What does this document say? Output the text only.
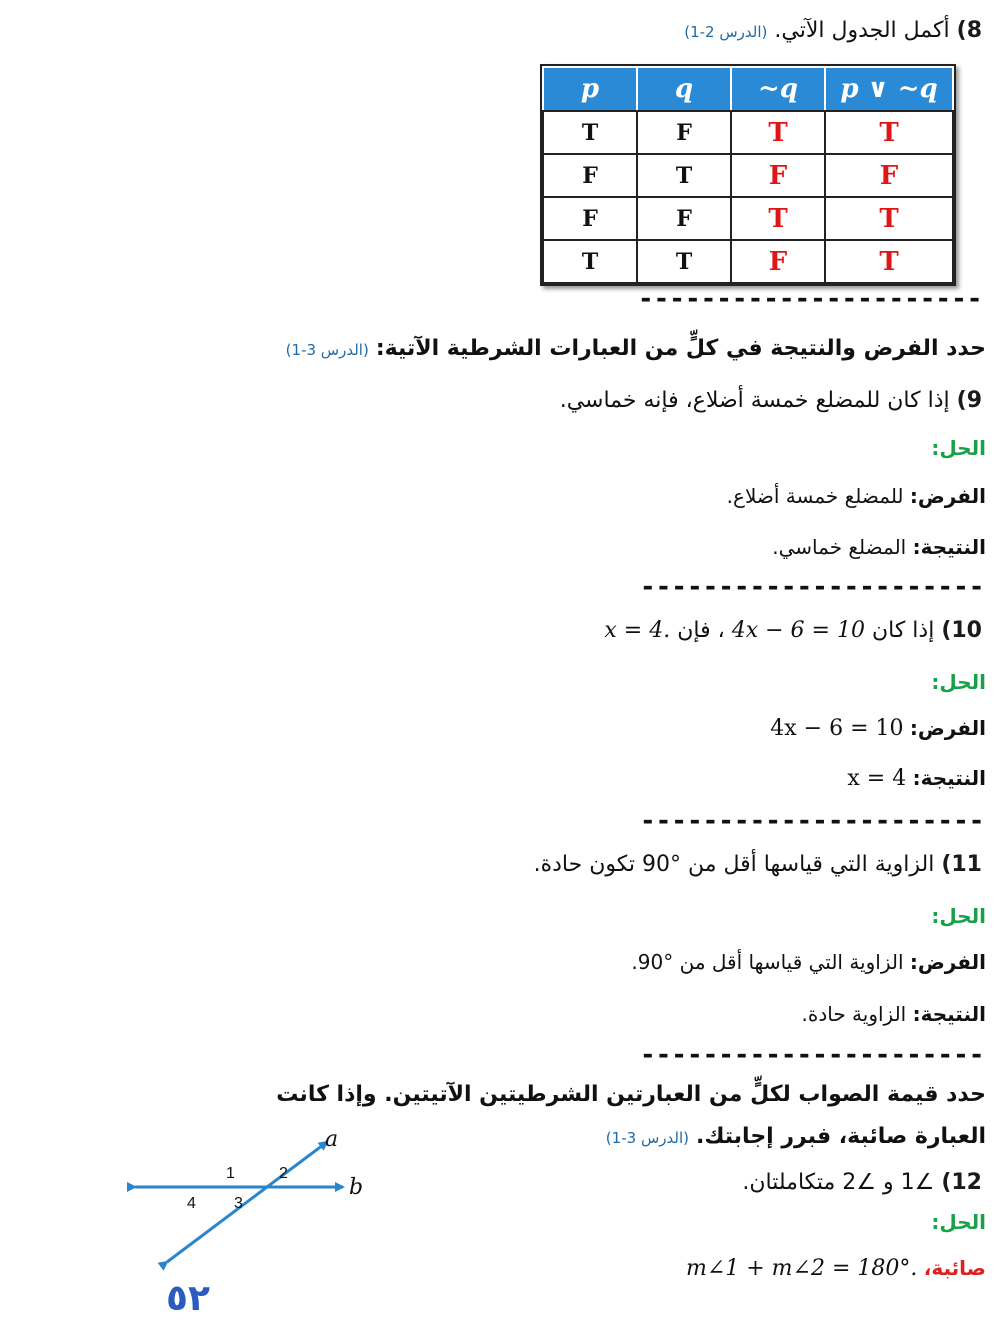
8) أكمل الجدول الآتي. (الدرس 2-1)
p	q	~q	p ∨ ~q
T	F	T	T
F	T	F	F
F	F	T	T
T	T	F	T
----------------------
حدد الفرض والنتيجة في كلٍّ من العبارات الشرطية الآتية: (الدرس 3-1)
9) إذا كان للمضلع خمسة أضلاع، فإنه خماسي.
الحل:
الفرض: للمضلع خمسة أضلاع.
النتيجة: المضلع خماسي.
----------------------
10) إذا كان 4x − 6 = 10 ، فإن x = 4.
الحل:
الفرض: 4x − 6 = 10
النتيجة: x = 4
----------------------
11) الزاوية التي قياسها أقل من °90 تكون حادة.
الحل:
الفرض: الزاوية التي قياسها أقل من °90.
النتيجة: الزاوية حادة.
----------------------
حدد قيمة الصواب لكلٍّ من العبارتين الشرطيتين الآتيتين. وإذا كانت
العبارة صائبة، فبرر إجابتك. (الدرس 3-1)
12) ∠1 و ∠2 متكاملتان.
الحل:
صائبة، m∠1 + m∠2 = 180°.
a
b
1	2
3
4
٥٢
